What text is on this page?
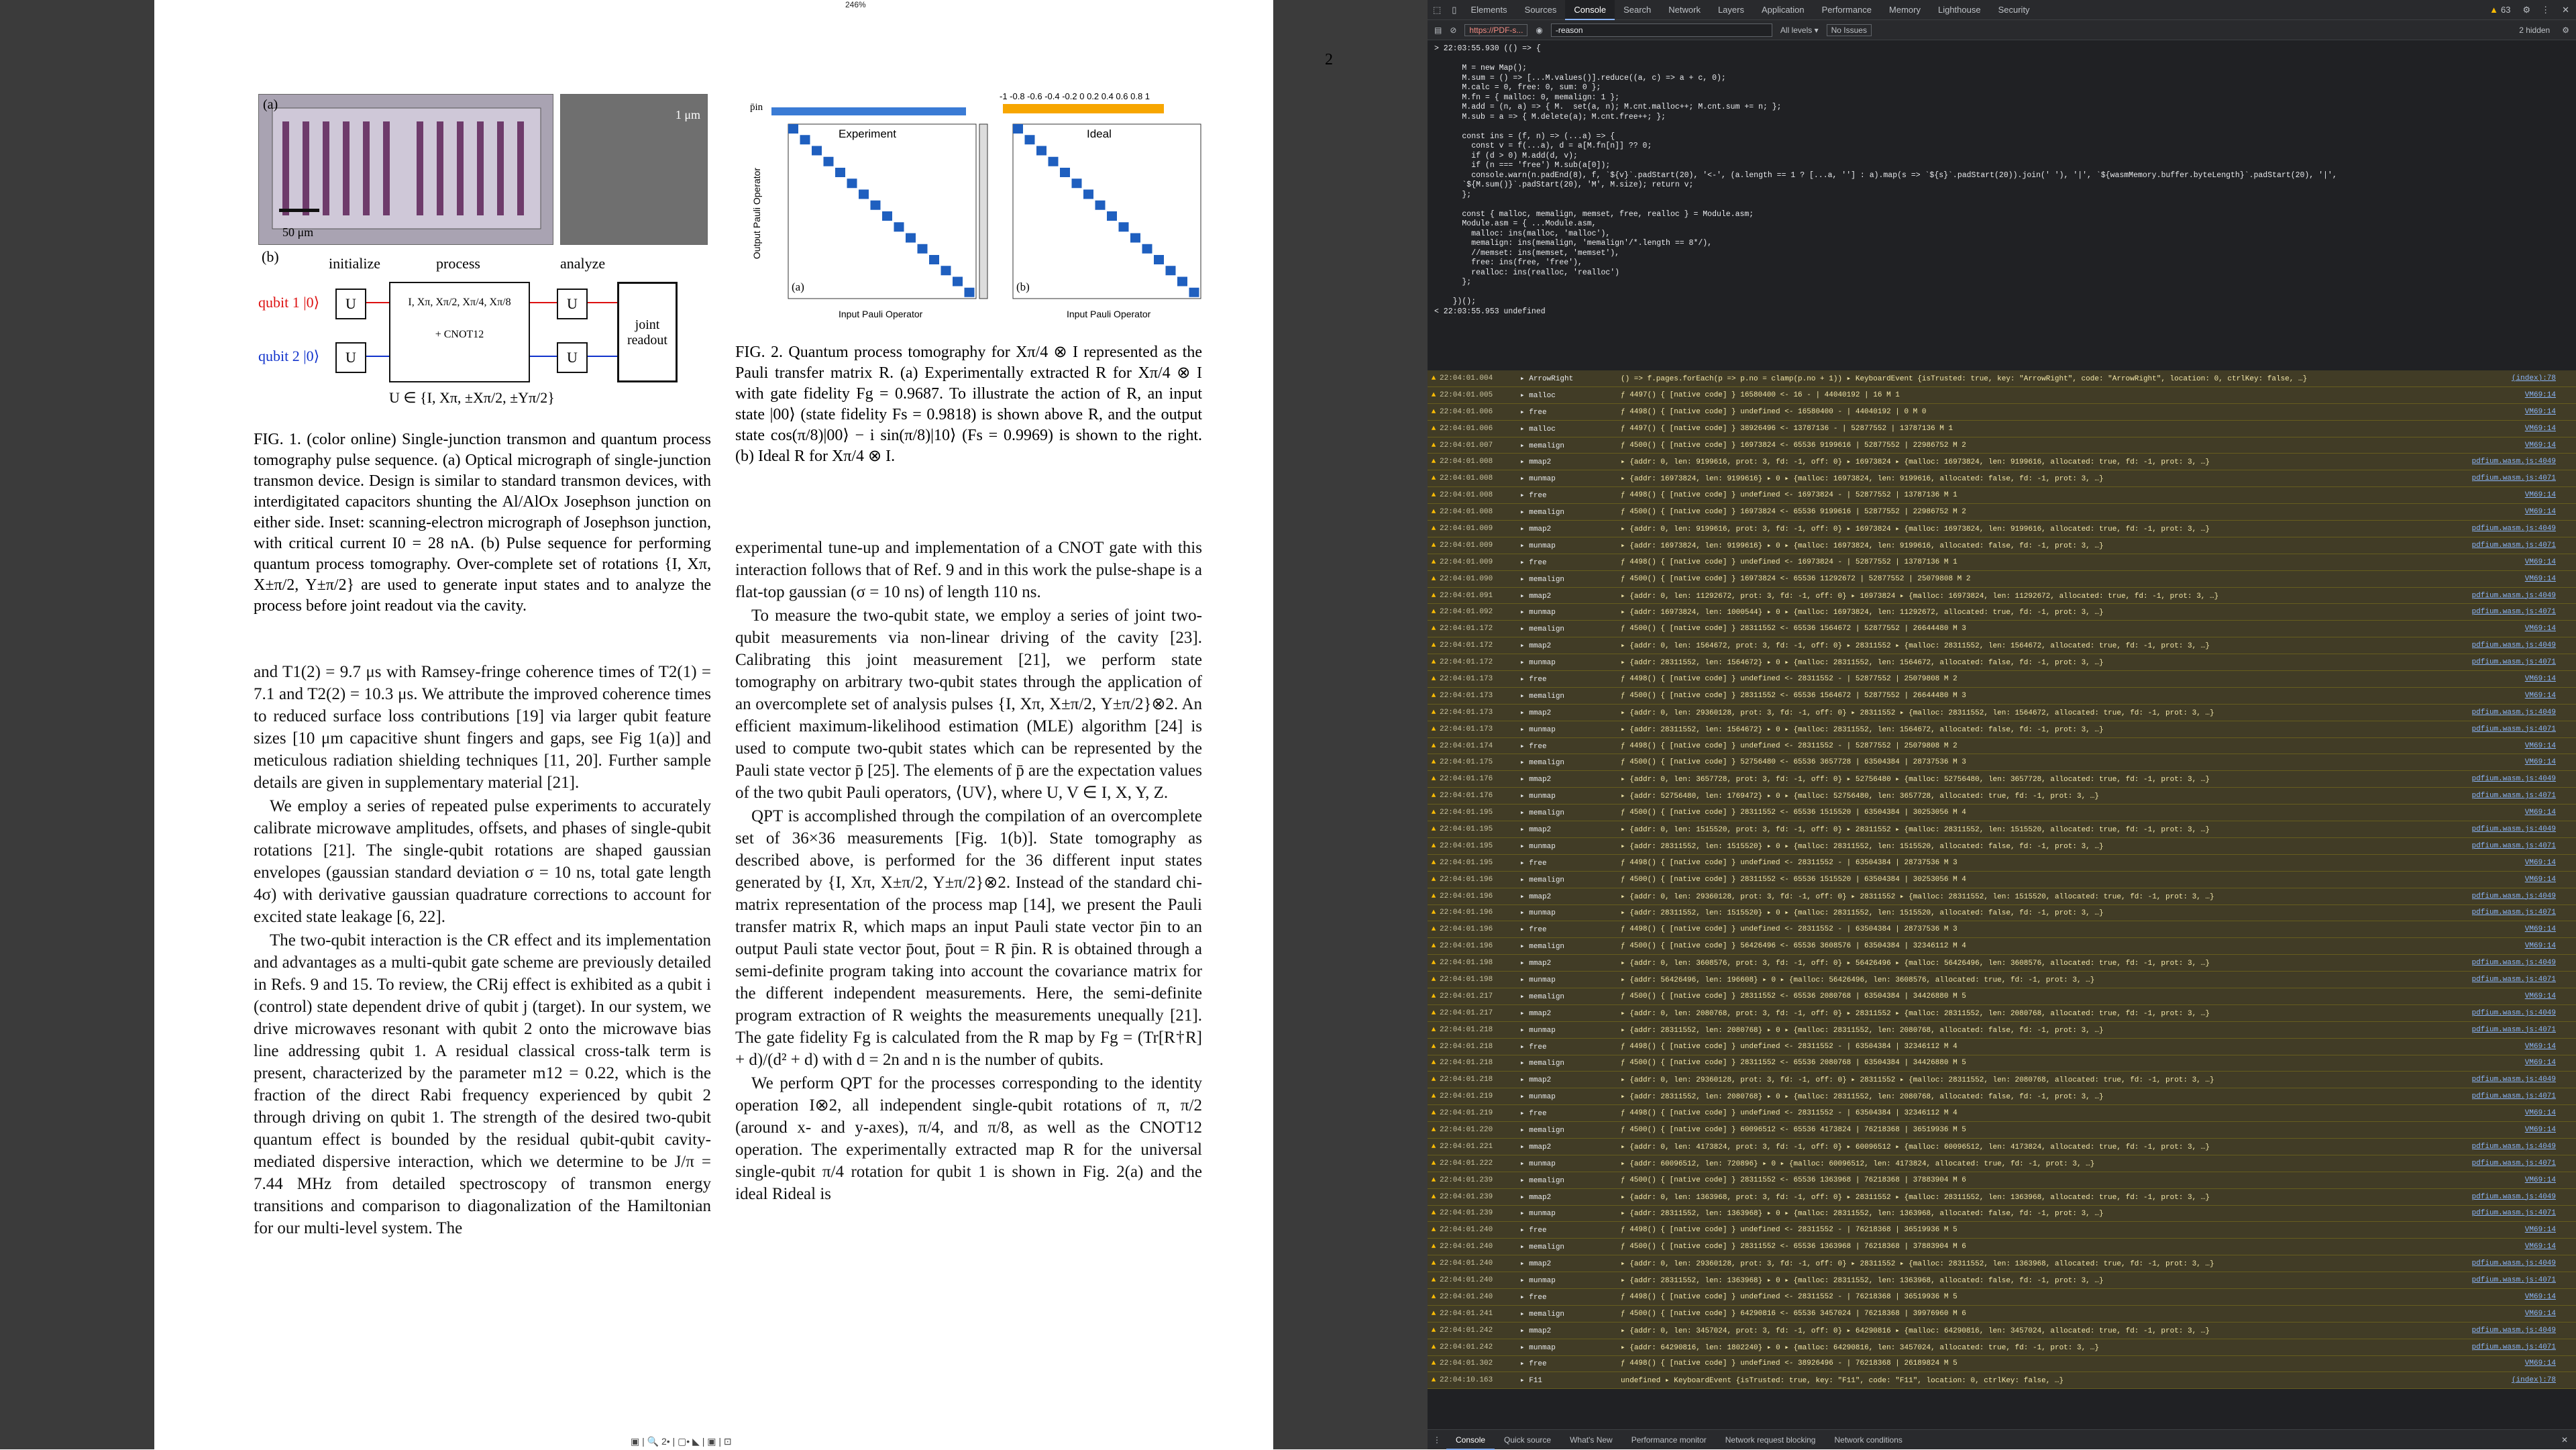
246%
2
(a)
50 μm
1 μm
(b)	initialize	process	analyze
qubit 1 |0⟩
qubit 2 |0⟩
U
U
I, Xπ, Xπ/2, Xπ/4, Xπ/8
+ CNOT12
U
U
joint readout
U ∈ {I, Xπ, ±Xπ/2, ±Yπ/2}
FIG. 1. (color online) Single-junction transmon and quantum process tomography pulse sequence. (a) Optical micrograph of single-junction transmon device. Design is similar to standard transmon devices, with interdigitated capacitors shunting the Al/AlOx Josephson junction on either side. Inset: scanning-electron micrograph of Josephson junction, with critical current I0 = 28 nA. (b) Pulse sequence for performing quantum process tomography. Over-complete set of rotations {I, Xπ, X±π/2, Y±π/2} are used to generate input states and to analyze the process before joint readout via the cavity.
p̄in
-1 -0.8 -0.6 -0.4 -0.2 0 0.2 0.4 0.6 0.8 1
Experiment	Ideal
(a)	(b)
Input Pauli Operator	Input Pauli Operator
Output Pauli Operator
FIG. 2. Quantum process tomography for Xπ/4 ⊗ I represented as the Pauli transfer matrix R. (a) Experimentally extracted R for Xπ/4 ⊗ I with gate fidelity Fg = 0.9687. To illustrate the action of R, an input state |00⟩ (state fidelity Fs = 0.9818) is shown above R, and the output state cos(π/8)|00⟩ − i sin(π/8)|10⟩ (Fs = 0.9969) is shown to the right. (b) Ideal R for Xπ/4 ⊗ I.

and T1(2) = 9.7 μs with Ramsey-fringe coherence times of T2(1) = 7.1 and T2(2) = 10.3 μs. We attribute the improved coherence times to reduced surface loss contributions [19] via larger qubit feature sizes [10 μm capacitive shunt fingers and gaps, see Fig 1(a)] and meticulous radiation shielding techniques [11, 20]. Further sample details are given in supplementary material [21].

We employ a series of repeated pulse experiments to accurately calibrate microwave amplitudes, offsets, and phases of single-qubit rotations [21]. The single-qubit rotations are shaped gaussian envelopes (gaussian standard deviation σ = 10 ns, total gate length 4σ) with derivative gaussian quadrature corrections to account for excited state leakage [6, 22].

The two-qubit interaction is the CR effect and its implementation and advantages as a multi-qubit gate scheme are previously detailed in Refs. 9 and 15. To review, the CRij effect is exhibited as a qubit i (control) state dependent drive of qubit j (target). In our system, we drive microwaves resonant with qubit 2 onto the microwave bias line addressing qubit 1. A residual classical cross-talk term is present, characterized by the parameter m12 = 0.22, which is the fraction of the direct Rabi frequency experienced by qubit 2 through driving on qubit 1. The strength of the desired two-qubit quantum effect is bounded by the residual qubit-qubit cavity-mediated dispersive interaction, which we determine to be J/π = 7.44 MHz from detailed spectroscopy of transmon energy transitions and comparison to diagonalization of the Hamiltonian for our multi-level system. The

experimental tune-up and implementation of a CNOT gate with this interaction follows that of Ref. 9 and in this work the pulse-shape is a flat-top gaussian (σ = 10 ns) of length 110 ns.

To measure the two-qubit state, we employ a series of joint two-qubit measurements via non-linear driving of the cavity [23]. Calibrating this joint measurement [21], we perform state tomography on arbitrary two-qubit states through the application of an overcomplete set of analysis pulses {I, Xπ, X±π/2, Y±π/2}⊗2. An efficient maximum-likelihood estimation (MLE) algorithm [24] is used to compute two-qubit states which can be represented by the Pauli state vector p̄ [25]. The elements of p̄ are the expectation values of the two qubit Pauli operators, ⟨UV⟩, where U, V ∈ I, X, Y, Z.

QPT is accomplished through the compilation of an overcomplete set of 36×36 measurements [Fig. 1(b)]. State tomography as described above, is performed for the 36 different input states generated by {I, Xπ, X±π/2, Y±π/2}⊗2. Instead of the standard chi-matrix representation of the process map [14], we present the Pauli transfer matrix R, which maps an input Pauli state vector p̄in to an output Pauli state vector p̄out, p̄out = R p̄in. R is obtained through a semi-definite program taking into account the covariance matrix for the different independent measurements. Here, the semi-definite program extraction of R weights the measurements unequally [21]. The gate fidelity Fg is calculated from the R map by Fg = (Tr[R†R] + d)/(d² + d) with d = 2n and n is the number of qubits.

We perform QPT for the processes corresponding to the identity operation I⊗2, all independent single-qubit rotations of π, π/2 (around x- and y-axes), π/4, and π/8, as well as the CNOT12 operation. The experimentally extracted map R for the universal single-qubit π/4 rotation for qubit 1 is shown in Fig. 2(a) and the ideal Rideal is

▣ | 🔍 2• | ▢• ◣ | ▣ | ⊡
⬚	▯	Elements	Sources	Console	Search	Network	Layers	Application	Performance	Memory	Lighthouse	Security	▲ 63	⚙	⋮	✕
▤ ⊘	https://PDF-s...	◉
-reason	All levels ▾	No Issues	2 hidden	⚙
> 22:03:55.930 (() => {

M = new Map();
M.sum = () => [...M.values()].reduce((a, c) => a + c, 0);
M.calc = 0, free: 0, sum: 0 };
M.fn = { malloc: 0, memalign: 1 };
M.add = (n, a) => { M.  set(a, n); M.cnt.malloc++; M.cnt.sum += n; };
M.sub = a => { M.delete(a); M.cnt.free++; };

const ins = (f, n) => (...a) => {
const v = f(...a), d = a[M.fn[n]] ?? 0;
if (d > 0) M.add(d, v);
if (n === 'free') M.sub(a[0]);
console.warn(n.padEnd(8), f, `${v}`.padStart(20), '<-', (a.length == 1 ? [...a, ''] : a).map(s => `${s}`.padStart(20)).join(' '), '|', `${wasmMemory.buffer.byteLength}`.padStart(20), '|',
`${M.sum()}`.padStart(20), 'M', M.size); return v;
};

const { malloc, memalign, memset, free, realloc } = Module.asm;
Module.asm = { ...Module.asm,
malloc: ins(malloc, 'malloc'),
memalign: ins(memalign, 'memalign'/*.length == 8*/),
//memset: ins(memset, 'memset'),
free: ins(free, 'free'),
realloc: ins(realloc, 'realloc')
};

})();
< 22:03:55.953 undefined
▲ 22:04:01.004	▸ ArrowRight	() => f.pages.forEach(p => p.no = clamp(p.no + 1)) ▸ KeyboardEvent {isTrusted: true, key: "ArrowRight", code: "ArrowRight", location: 0, ctrlKey: false, …}	(index):78
▲ 22:04:01.005	▸ malloc	ƒ 4497() { [native code] } 16580400 <- 16 - | 44040192 | 16 M 1	VM69:14
▲ 22:04:01.006	▸ free	ƒ 4498() { [native code] } undefined <- 16580400 - | 44040192 | 0 M 0	VM69:14
▲ 22:04:01.006	▸ malloc	ƒ 4497() { [native code] } 38926496 <- 13787136 - | 52877552 | 13787136 M 1	VM69:14
▲ 22:04:01.007	▸ memalign	ƒ 4500() { [native code] } 16973824 <- 65536 9199616 | 52877552 | 22986752 M 2	VM69:14
▲ 22:04:01.008	▸ mmap2	▸ {addr: 0, len: 9199616, prot: 3, fd: -1, off: 0} ▸ 16973824 ▸ {malloc: 16973824, len: 9199616, allocated: true, fd: -1, prot: 3, …}	pdfium.wasm.js:4049
▲ 22:04:01.008	▸ munmap	▸ {addr: 16973824, len: 9199616} ▸ 0 ▸ {malloc: 16973824, len: 9199616, allocated: false, fd: -1, prot: 3, …}	pdfium.wasm.js:4071
▲ 22:04:01.008	▸ free	ƒ 4498() { [native code] } undefined <- 16973824 - | 52877552 | 13787136 M 1	VM69:14
▲ 22:04:01.008	▸ memalign	ƒ 4500() { [native code] } 16973824 <- 65536 9199616 | 52877552 | 22986752 M 2	VM69:14
▲ 22:04:01.009	▸ mmap2	▸ {addr: 0, len: 9199616, prot: 3, fd: -1, off: 0} ▸ 16973824 ▸ {malloc: 16973824, len: 9199616, allocated: true, fd: -1, prot: 3, …}	pdfium.wasm.js:4049
▲ 22:04:01.009	▸ munmap	▸ {addr: 16973824, len: 9199616} ▸ 0 ▸ {malloc: 16973824, len: 9199616, allocated: false, fd: -1, prot: 3, …}	pdfium.wasm.js:4071
▲ 22:04:01.009	▸ free	ƒ 4498() { [native code] } undefined <- 16973824 - | 52877552 | 13787136 M 1	VM69:14
▲ 22:04:01.090	▸ memalign	ƒ 4500() { [native code] } 16973824 <- 65536 11292672 | 52877552 | 25079808 M 2	VM69:14
▲ 22:04:01.091	▸ mmap2	▸ {addr: 0, len: 11292672, prot: 3, fd: -1, off: 0} ▸ 16973824 ▸ {malloc: 16973824, len: 11292672, allocated: true, fd: -1, prot: 3, …}	pdfium.wasm.js:4049
▲ 22:04:01.092	▸ munmap	▸ {addr: 16973824, len: 1000544} ▸ 0 ▸ {malloc: 16973824, len: 11292672, allocated: true, fd: -1, prot: 3, …}	pdfium.wasm.js:4071
▲ 22:04:01.172	▸ memalign	ƒ 4500() { [native code] } 28311552 <- 65536 1564672 | 52877552 | 26644480 M 3	VM69:14
▲ 22:04:01.172	▸ mmap2	▸ {addr: 0, len: 1564672, prot: 3, fd: -1, off: 0} ▸ 28311552 ▸ {malloc: 28311552, len: 1564672, allocated: true, fd: -1, prot: 3, …}	pdfium.wasm.js:4049
▲ 22:04:01.172	▸ munmap	▸ {addr: 28311552, len: 1564672} ▸ 0 ▸ {malloc: 28311552, len: 1564672, allocated: false, fd: -1, prot: 3, …}	pdfium.wasm.js:4071
▲ 22:04:01.173	▸ free	ƒ 4498() { [native code] } undefined <- 28311552 - | 52877552 | 25079808 M 2	VM69:14
▲ 22:04:01.173	▸ memalign	ƒ 4500() { [native code] } 28311552 <- 65536 1564672 | 52877552 | 26644480 M 3	VM69:14
▲ 22:04:01.173	▸ mmap2	▸ {addr: 0, len: 29360128, prot: 3, fd: -1, off: 0} ▸ 28311552 ▸ {malloc: 28311552, len: 1564672, allocated: true, fd: -1, prot: 3, …}	pdfium.wasm.js:4049
▲ 22:04:01.173	▸ munmap	▸ {addr: 28311552, len: 1564672} ▸ 0 ▸ {malloc: 28311552, len: 1564672, allocated: false, fd: -1, prot: 3, …}	pdfium.wasm.js:4071
▲ 22:04:01.174	▸ free	ƒ 4498() { [native code] } undefined <- 28311552 - | 52877552 | 25079808 M 2	VM69:14
▲ 22:04:01.175	▸ memalign	ƒ 4500() { [native code] } 52756480 <- 65536 3657728 | 63504384 | 28737536 M 3	VM69:14
▲ 22:04:01.176	▸ mmap2	▸ {addr: 0, len: 3657728, prot: 3, fd: -1, off: 0} ▸ 52756480 ▸ {malloc: 52756480, len: 3657728, allocated: true, fd: -1, prot: 3, …}	pdfium.wasm.js:4049
▲ 22:04:01.176	▸ munmap	▸ {addr: 52756480, len: 1769472} ▸ 0 ▸ {malloc: 52756480, len: 3657728, allocated: true, fd: -1, prot: 3, …}	pdfium.wasm.js:4071
▲ 22:04:01.195	▸ memalign	ƒ 4500() { [native code] } 28311552 <- 65536 1515520 | 63504384 | 30253056 M 4	VM69:14
▲ 22:04:01.195	▸ mmap2	▸ {addr: 0, len: 1515520, prot: 3, fd: -1, off: 0} ▸ 28311552 ▸ {malloc: 28311552, len: 1515520, allocated: true, fd: -1, prot: 3, …}	pdfium.wasm.js:4049
▲ 22:04:01.195	▸ munmap	▸ {addr: 28311552, len: 1515520} ▸ 0 ▸ {malloc: 28311552, len: 1515520, allocated: false, fd: -1, prot: 3, …}	pdfium.wasm.js:4071
▲ 22:04:01.195	▸ free	ƒ 4498() { [native code] } undefined <- 28311552 - | 63504384 | 28737536 M 3	VM69:14
▲ 22:04:01.196	▸ memalign	ƒ 4500() { [native code] } 28311552 <- 65536 1515520 | 63504384 | 30253056 M 4	VM69:14
▲ 22:04:01.196	▸ mmap2	▸ {addr: 0, len: 29360128, prot: 3, fd: -1, off: 0} ▸ 28311552 ▸ {malloc: 28311552, len: 1515520, allocated: true, fd: -1, prot: 3, …}	pdfium.wasm.js:4049
▲ 22:04:01.196	▸ munmap	▸ {addr: 28311552, len: 1515520} ▸ 0 ▸ {malloc: 28311552, len: 1515520, allocated: false, fd: -1, prot: 3, …}	pdfium.wasm.js:4071
▲ 22:04:01.196	▸ free	ƒ 4498() { [native code] } undefined <- 28311552 - | 63504384 | 28737536 M 3	VM69:14
▲ 22:04:01.196	▸ memalign	ƒ 4500() { [native code] } 56426496 <- 65536 3608576 | 63504384 | 32346112 M 4	VM69:14
▲ 22:04:01.198	▸ mmap2	▸ {addr: 0, len: 3608576, prot: 3, fd: -1, off: 0} ▸ 56426496 ▸ {malloc: 56426496, len: 3608576, allocated: true, fd: -1, prot: 3, …}	pdfium.wasm.js:4049
▲ 22:04:01.198	▸ munmap	▸ {addr: 56426496, len: 196608} ▸ 0 ▸ {malloc: 56426496, len: 3608576, allocated: true, fd: -1, prot: 3, …}	pdfium.wasm.js:4071
▲ 22:04:01.217	▸ memalign	ƒ 4500() { [native code] } 28311552 <- 65536 2080768 | 63504384 | 34426880 M 5	VM69:14
▲ 22:04:01.217	▸ mmap2	▸ {addr: 0, len: 2080768, prot: 3, fd: -1, off: 0} ▸ 28311552 ▸ {malloc: 28311552, len: 2080768, allocated: true, fd: -1, prot: 3, …}	pdfium.wasm.js:4049
▲ 22:04:01.218	▸ munmap	▸ {addr: 28311552, len: 2080768} ▸ 0 ▸ {malloc: 28311552, len: 2080768, allocated: false, fd: -1, prot: 3, …}	pdfium.wasm.js:4071
▲ 22:04:01.218	▸ free	ƒ 4498() { [native code] } undefined <- 28311552 - | 63504384 | 32346112 M 4	VM69:14
▲ 22:04:01.218	▸ memalign	ƒ 4500() { [native code] } 28311552 <- 65536 2080768 | 63504384 | 34426880 M 5	VM69:14
▲ 22:04:01.218	▸ mmap2	▸ {addr: 0, len: 29360128, prot: 3, fd: -1, off: 0} ▸ 28311552 ▸ {malloc: 28311552, len: 2080768, allocated: true, fd: -1, prot: 3, …}	pdfium.wasm.js:4049
▲ 22:04:01.219	▸ munmap	▸ {addr: 28311552, len: 2080768} ▸ 0 ▸ {malloc: 28311552, len: 2080768, allocated: false, fd: -1, prot: 3, …}	pdfium.wasm.js:4071
▲ 22:04:01.219	▸ free	ƒ 4498() { [native code] } undefined <- 28311552 - | 63504384 | 32346112 M 4	VM69:14
▲ 22:04:01.220	▸ memalign	ƒ 4500() { [native code] } 60096512 <- 65536 4173824 | 76218368 | 36519936 M 5	VM69:14
▲ 22:04:01.221	▸ mmap2	▸ {addr: 0, len: 4173824, prot: 3, fd: -1, off: 0} ▸ 60096512 ▸ {malloc: 60096512, len: 4173824, allocated: true, fd: -1, prot: 3, …}	pdfium.wasm.js:4049
▲ 22:04:01.222	▸ munmap	▸ {addr: 60096512, len: 720896} ▸ 0 ▸ {malloc: 60096512, len: 4173824, allocated: true, fd: -1, prot: 3, …}	pdfium.wasm.js:4071
▲ 22:04:01.239	▸ memalign	ƒ 4500() { [native code] } 28311552 <- 65536 1363968 | 76218368 | 37883904 M 6	VM69:14
▲ 22:04:01.239	▸ mmap2	▸ {addr: 0, len: 1363968, prot: 3, fd: -1, off: 0} ▸ 28311552 ▸ {malloc: 28311552, len: 1363968, allocated: true, fd: -1, prot: 3, …}	pdfium.wasm.js:4049
▲ 22:04:01.239	▸ munmap	▸ {addr: 28311552, len: 1363968} ▸ 0 ▸ {malloc: 28311552, len: 1363968, allocated: false, fd: -1, prot: 3, …}	pdfium.wasm.js:4071
▲ 22:04:01.240	▸ free	ƒ 4498() { [native code] } undefined <- 28311552 - | 76218368 | 36519936 M 5	VM69:14
▲ 22:04:01.240	▸ memalign	ƒ 4500() { [native code] } 28311552 <- 65536 1363968 | 76218368 | 37883904 M 6	VM69:14
▲ 22:04:01.240	▸ mmap2	▸ {addr: 0, len: 29360128, prot: 3, fd: -1, off: 0} ▸ 28311552 ▸ {malloc: 28311552, len: 1363968, allocated: true, fd: -1, prot: 3, …}	pdfium.wasm.js:4049
▲ 22:04:01.240	▸ munmap	▸ {addr: 28311552, len: 1363968} ▸ 0 ▸ {malloc: 28311552, len: 1363968, allocated: false, fd: -1, prot: 3, …}	pdfium.wasm.js:4071
▲ 22:04:01.240	▸ free	ƒ 4498() { [native code] } undefined <- 28311552 - | 76218368 | 36519936 M 5	VM69:14
▲ 22:04:01.241	▸ memalign	ƒ 4500() { [native code] } 64290816 <- 65536 3457024 | 76218368 | 39976960 M 6	VM69:14
▲ 22:04:01.242	▸ mmap2	▸ {addr: 0, len: 3457024, prot: 3, fd: -1, off: 0} ▸ 64290816 ▸ {malloc: 64290816, len: 3457024, allocated: true, fd: -1, prot: 3, …}	pdfium.wasm.js:4049
▲ 22:04:01.242	▸ munmap	▸ {addr: 64290816, len: 1802240} ▸ 0 ▸ {malloc: 64290816, len: 3457024, allocated: true, fd: -1, prot: 3, …}	pdfium.wasm.js:4071
▲ 22:04:01.302	▸ free	ƒ 4498() { [native code] } undefined <- 38926496 - | 76218368 | 26189824 M 5	VM69:14
▲ 22:04:10.163	▸ F11	undefined ▸ KeyboardEvent {isTrusted: true, key: "F11", code: "F11", location: 0, ctrlKey: false, …}	(index):78
⋮	Console	Quick source	What's New	Performance monitor	Network request blocking	Network conditions	✕
